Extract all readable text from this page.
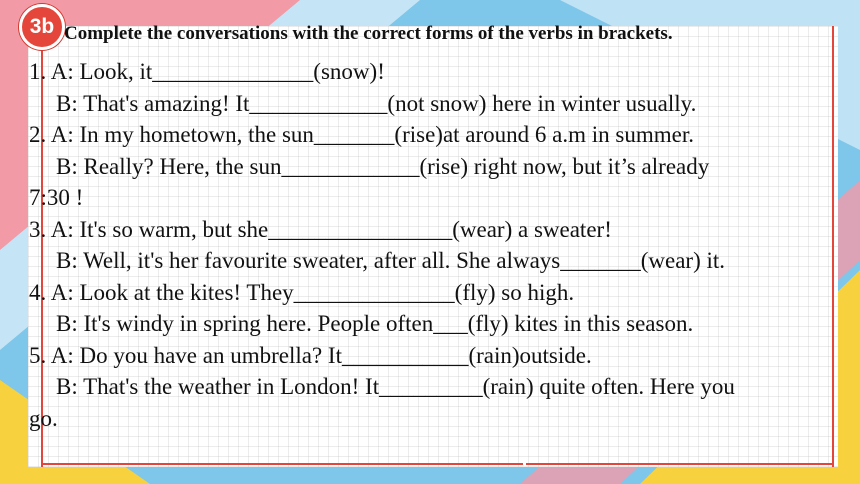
3b Complete the conversations with the correct forms of the verbs in brackets.
1. A: Look, it______________(snow)!
B: That's amazing! It____________(not snow) here in winter usually.
2. A: In my hometown, the sun_______(rise)at around 6 a.m in summer.
B: Really? Here, the sun____________(rise) right now, but it’s already
7:30 !
3. A: It's so warm, but she________________(wear) a sweater!
B: Well, it's her favourite sweater, after all. She always_______(wear) it.
4. A: Look at the kites! They______________(fly) so high.
B: It's windy in spring here. People often___(fly) kites in this season.
5. A: Do you have an umbrella? It___________(rain)outside.
B: That's the weather in London! It_________(rain) quite often. Here you
go.
